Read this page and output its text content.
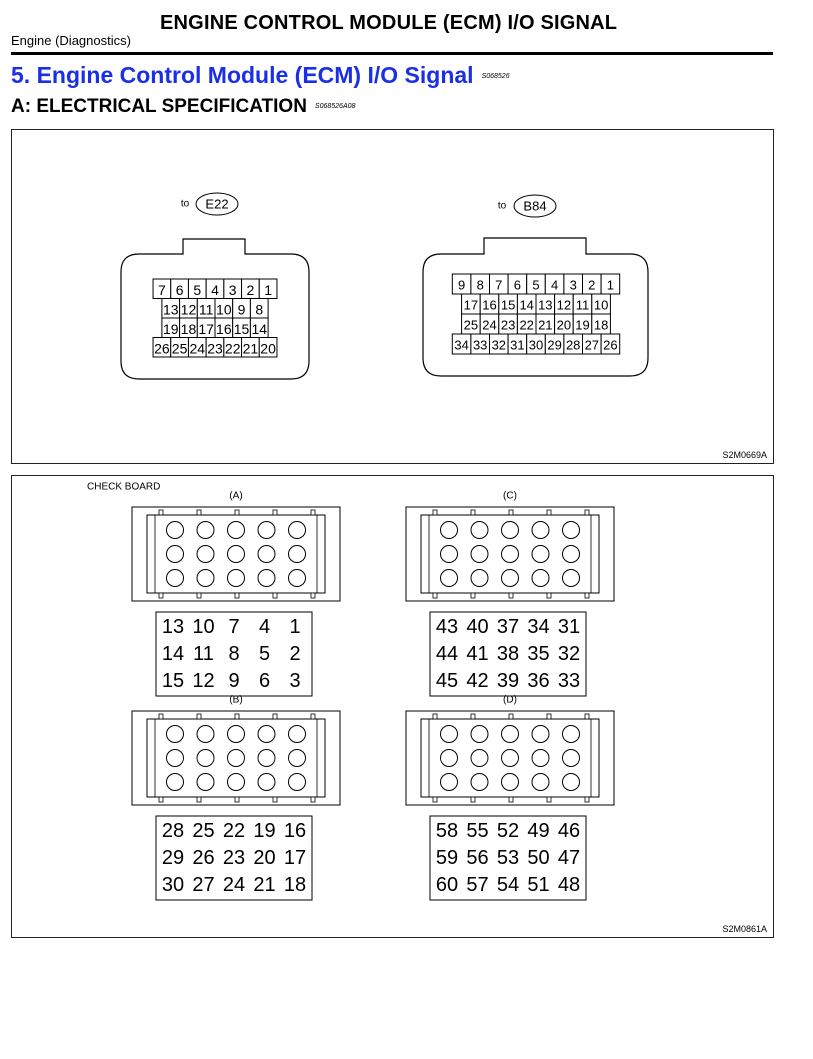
ENGINE CONTROL MODULE (ECM) I/O SIGNAL
Engine (Diagnostics)
5. Engine Control Module (ECM) I/O Signal S068526
A: ELECTRICAL SPECIFICATION S068526A08
to E22
7 6 5 4 3 2 1
13 12 11 10 9 8
19 18 17 16 15 14
26 25 24 23 22 21 20
to B84
9 8 7 6 5 4 3 2 1
17 16 15 14 13 12 11 10
25 24 23 22 21 20 19 18
34 33 32 31 30 29 28 27 26
S2M0669A
CHECK BOARD
(A)
13 10 7 4 1
14 11 8 5 2
15 12 9 6 3
(B)
28 25 22 19 16
29 26 23 20 17
30 27 24 21 18
(C)
43 40 37 34 31
44 41 38 35 32
45 42 39 36 33
(D)
58 55 52 49 46
59 56 53 50 47
60 57 54 51 48
S2M0861A
